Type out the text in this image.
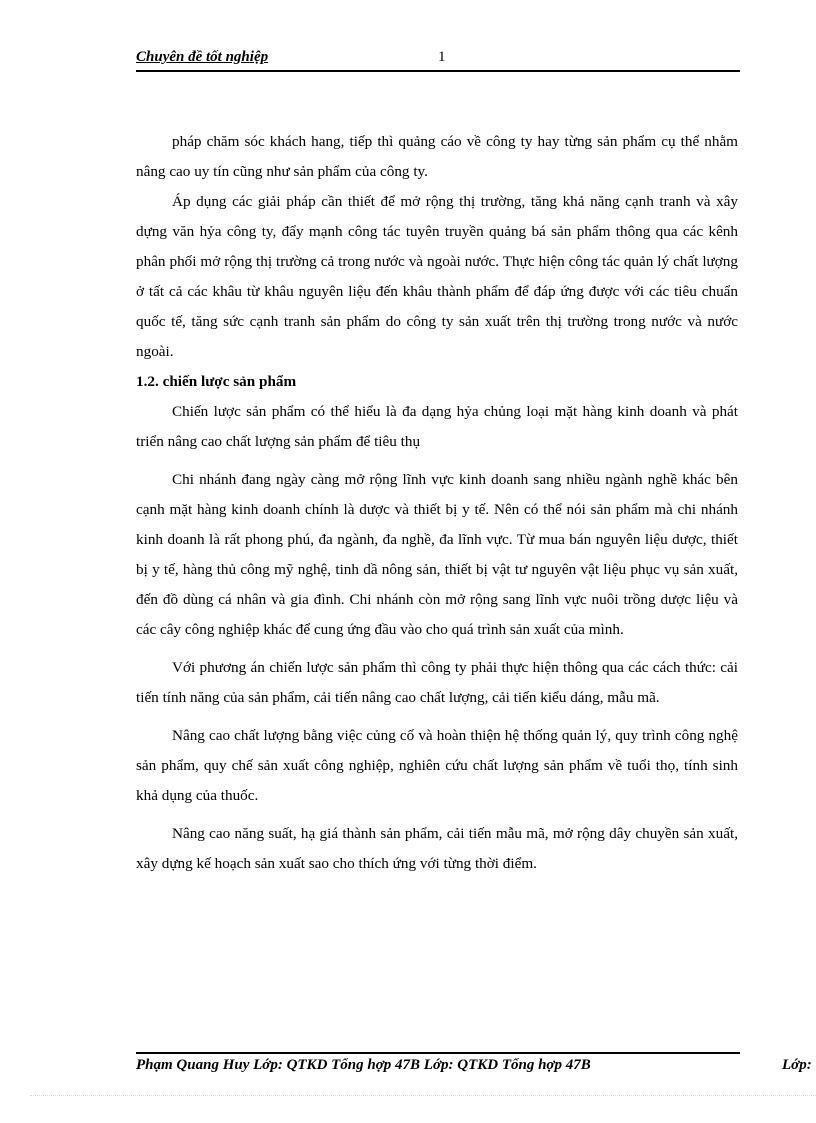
Chuyên đề tốt nghiệp	1

pháp chăm sóc khách hang, tiếp thì quảng cáo về công ty hay từng sản phẩm cụ thể nhằm nâng cao uy tín cũng như sản phẩm của công ty.

Áp dụng các giải pháp cần thiết để mở rộng thị trường, tăng khả năng cạnh tranh và xây dựng văn hỷa công ty, đẩy mạnh công tác tuyên truyền quảng bá sản phẩm thông qua các kênh phân phối mở rộng thị trường cả trong nước và ngoài nước. Thực hiện công tác quản lý chất lượng ở tất cả các khâu từ khâu nguyên liệu đến khâu thành phẩm để đáp ứng được với các tiêu chuẩn quốc tế, tăng sức cạnh tranh sản phẩm do công ty sản xuất trên thị trường trong nước và nước ngoài.

1.2. chiến lược sản phẩm

Chiến lược sản phẩm có thể hiểu là đa dạng hỷa chủng loại mặt hàng kinh doanh và phát triển nâng cao chất lượng sản phẩm để tiêu thụ

Chi nhánh đang ngày càng mở rộng lĩnh vực kinh doanh sang nhiều ngành nghề khác bên cạnh mặt hàng kinh doanh chính là dược và thiết bị y tế. Nên có thể nói sản phẩm mà chi nhánh kinh doanh là rất phong phú, đa ngành, đa nghề, đa lĩnh vực. Từ mua bán nguyên liệu dược, thiết bị y tế, hàng thủ công mỹ nghệ, tinh dầ nông sản, thiết bị vật tư nguyên vật liệu phục vụ sản xuất, đến đồ dùng cá nhân và gia đình. Chi nhánh còn mở rộng sang lĩnh vực nuôi trồng dược liệu và các cây công nghiệp khác để cung ứng đầu vào cho quá trình sản xuất của mình.

Với phương án chiến lược sản phẩm thì công ty phải thực hiện thông qua các cách thức: cải tiến tính năng của sản phẩm, cải tiến nâng cao chất lượng, cải tiến kiểu dáng, mẫu mã.

Nâng cao chất lượng bằng việc củng cố và hoàn thiện hệ thống quản lý, quy trình công nghệ sản phẩm, quy chế sản xuất công nghiệp, nghiên cứu chất lượng sản phẩm về tuổi thọ, tính sinh khả dụng của thuốc.

Nâng cao năng suất, hạ giá thành sản phẩm, cải tiến mẫu mã, mở rộng dây chuyền sản xuất, xây dựng kế hoạch sản xuất sao cho thích ứng với từng thời điểm.

Phạm Quang Huy Lớp: QTKD Tổng hợp 47B Lớp: QTKD Tổng hợp 47B	Lớp:
